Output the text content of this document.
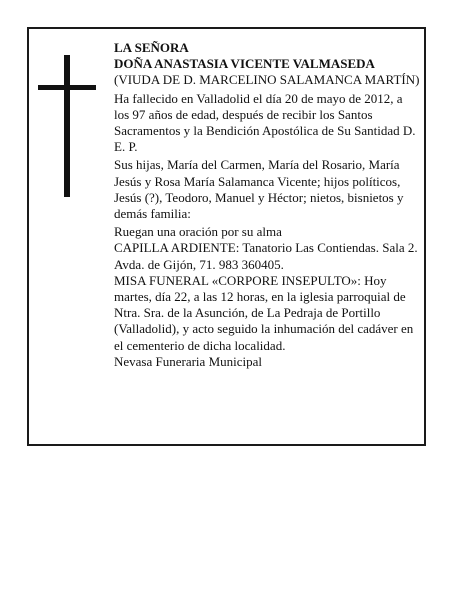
LA SEÑORA

DOÑA ANASTASIA VICENTE VALMASEDA

(VIUDA DE D. MARCELINO SALAMANCA MARTÍN)

Ha fallecido en Valladolid el día 20 de mayo de 2012, a los 97 años de edad, después de recibir los Santos Sacramentos y la Bendición Apostólica de Su Santidad D. E. P.

Sus hijas, María del Carmen, María del Rosario, María Jesús y Rosa María Salamanca Vicente; hijos políticos, Jesús (?), Teodoro, Manuel y Héctor; nietos, bisnietos y demás familia:

Ruegan una oración por su alma

CAPILLA ARDIENTE: Tanatorio Las Contiendas. Sala 2. Avda. de Gijón, 71. 983 360405.

MISA FUNERAL «CORPORE INSEPULTO»: Hoy martes, día 22, a las 12 horas, en la iglesia parroquial de Ntra. Sra. de la Asunción, de La Pedraja de Portillo (Valladolid), y acto seguido la inhumación del cadáver en el cementerio de dicha localidad.

Nevasa Funeraria Municipal
